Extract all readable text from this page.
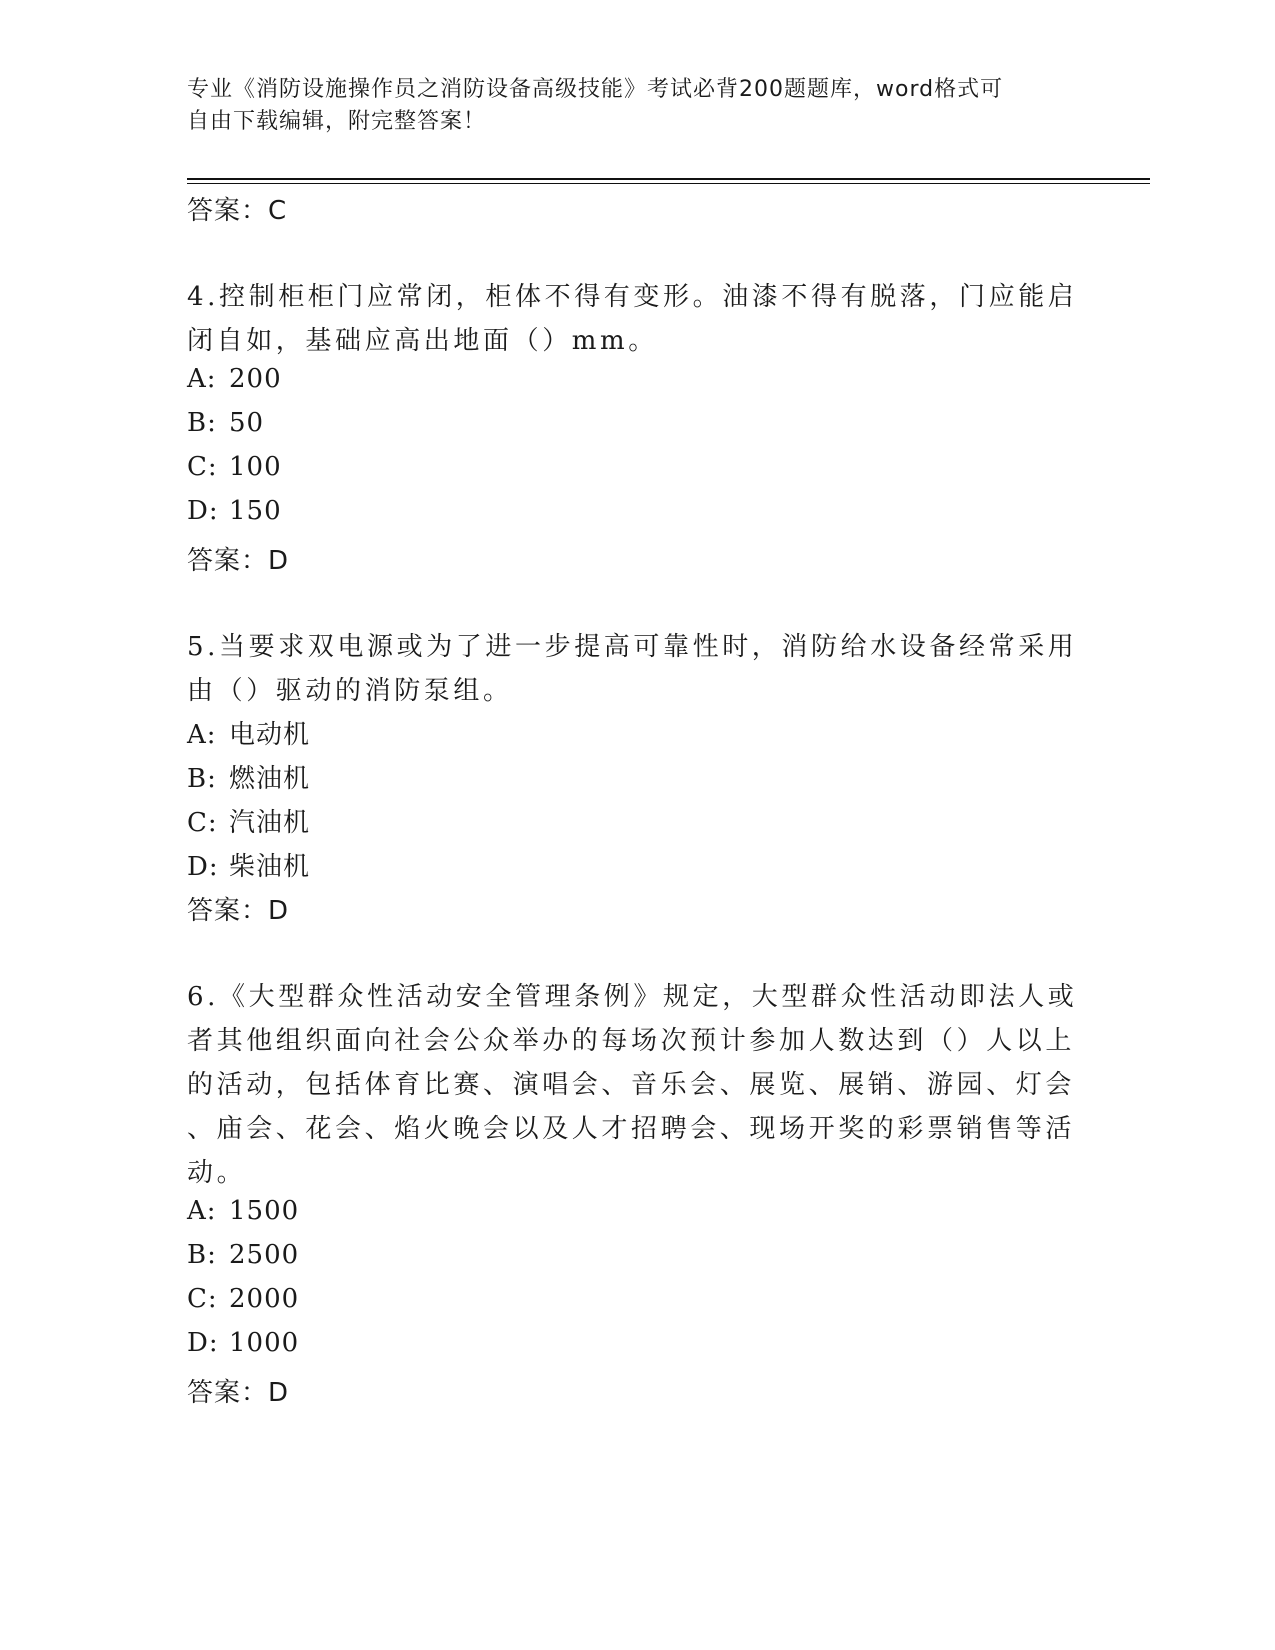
专业《消防设施操作员之消防设备高级技能》考试必背200题题库，word格式可
自由下载编辑，附完整答案！
答案：C
4.控制柜柜门应常闭，柜体不得有变形。油漆不得有脱落，门应能启
闭自如，基础应高出地面（）mm。
A: 200
B: 50
C: 100
D: 150
答案：D
5.当要求双电源或为了进一步提高可靠性时，消防给水设备经常采用
由（）驱动的消防泵组。
A: 电动机
B: 燃油机
C: 汽油机
D: 柴油机
答案：D
6.《大型群众性活动安全管理条例》规定，大型群众性活动即法人或
者其他组织面向社会公众举办的每场次预计参加人数达到（）人以上
的活动，包括体育比赛、演唱会、音乐会、展览、展销、游园、灯会
、庙会、花会、焰火晚会以及人才招聘会、现场开奖的彩票销售等活
动。
A: 1500
B: 2500
C: 2000
D: 1000
答案：D
